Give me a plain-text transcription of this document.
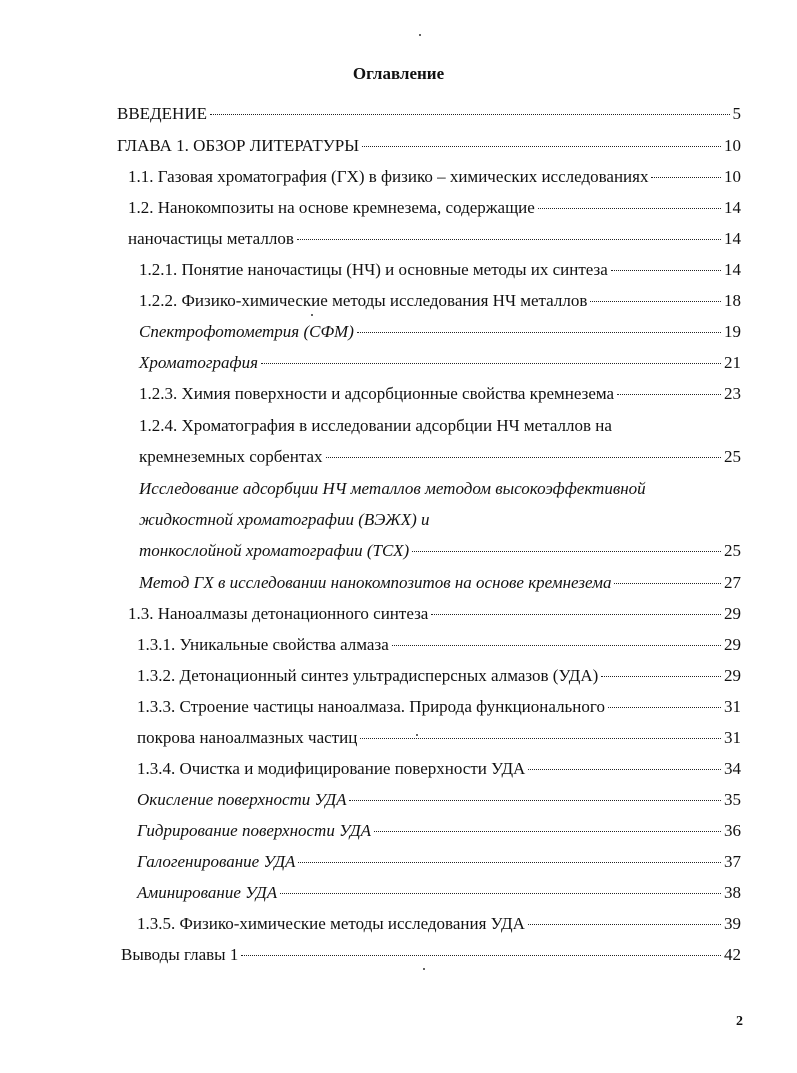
Оглавление
ВВЕДЕНИЕ	5
ГЛАВА 1. ОБЗОР ЛИТЕРАТУРЫ	10
1.1. Газовая хроматография (ГХ) в физико – химических исследованиях	10
1.2. Нанокомпозиты на основе кремнезема, содержащие	14
наночастицы металлов	14
1.2.1. Понятие наночастицы (НЧ) и основные методы их синтеза	14
1.2.2. Физико-химические методы исследования НЧ металлов	18
Спектрофотометрия (СФМ)	19
Хроматография	21
1.2.3. Химия поверхности и адсорбционные свойства кремнезема	23
1.2.4. Хроматография в исследовании адсорбции НЧ металлов на
кремнеземных сорбентах	25
Исследование адсорбции НЧ металлов методом высокоэффективной
жидкостной хроматографии (ВЭЖХ) и
тонкослойной хроматографии (ТСХ)	25
Метод ГХ в исследовании нанокомпозитов на основе кремнезема	27
1.3. Наноалмазы детонационного синтеза	29
1.3.1. Уникальные свойства алмаза	29
1.3.2. Детонационный синтез ультрадисперсных алмазов (УДА)	29
1.3.3. Строение частицы наноалмаза. Природа функционального	31
покрова наноалмазных частиц	31
1.3.4. Очистка и модифицирование поверхности УДА	34
Окисление поверхности УДА	35
Гидрирование поверхности УДА	36
Галогенирование УДА	37
Аминирование УДА	38
1.3.5. Физико-химические методы исследования УДА	39
Выводы главы 1	42
2
